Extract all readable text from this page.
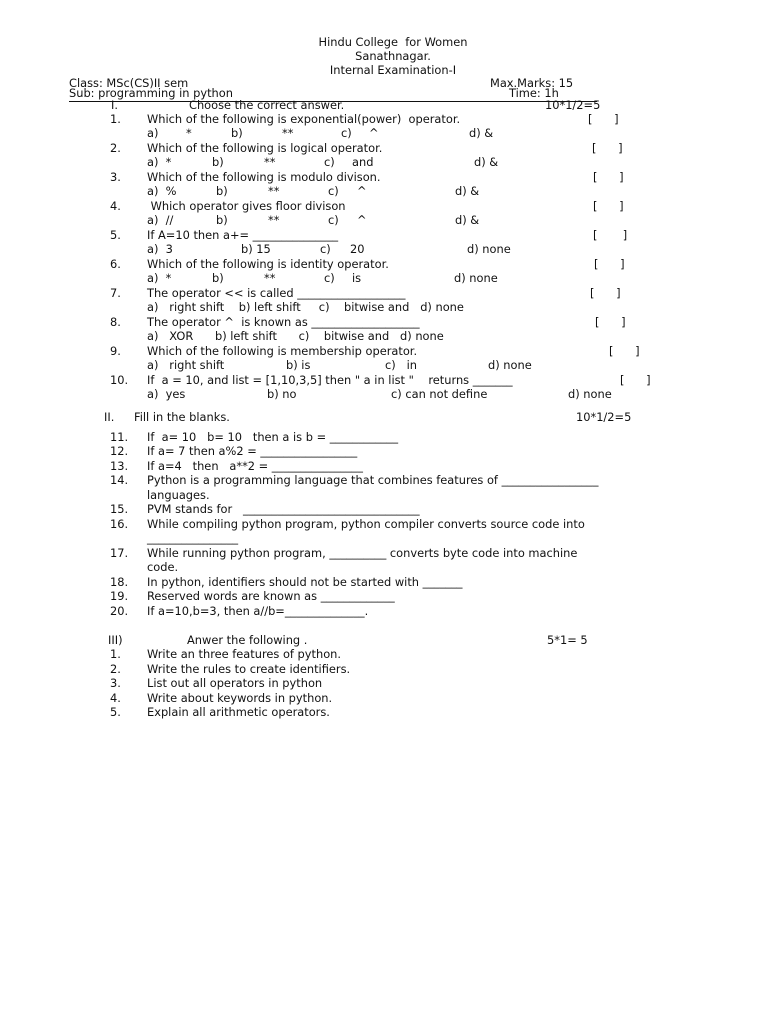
Hindu College  for Women
Sanathnagar.
Internal Examination-I
Class: MSc(CS)II sem	Max.Marks: 15
Sub: programming in python	Time: 1h
I.	Choose the correct answer.	10*1/2=5
1. Which of the following is exponential(power)  operator.	[      ]
a) *	b)	**	c) ^	d) &
2. Which of the following is logical operator.	[      ]
a)  *	b)	**	c) and	d) &
3. Which of the following is modulo divison.	[      ]
a)  %	b)	**	c) ^	d) &
4. Which operator gives floor divison	[      ]
a)  //	b)	**	c) ^	d) &
5. If A=10 then a+= _______________	[       ]
a)  3	b) 15	c) 20	d) none
6. Which of the following is identity operator.	[      ]
a)  *	b)	**	c) is	d) none
7. The operator << is called ___________________	[      ]
a)   right shift    b) left shift     c)    bitwise and   d) none
8. The operator ^  is known as ___________________	[      ]
a)   XOR      b) left shift      c)    bitwise and   d) none
9. Which of the following is membership operator.	[      ]
a)   right shift	b) is	c)   in	d) none
10. If  a = 10, and list = [1,10,3,5] then " a in list "    returns _______	[      ]
a)  yes	b) no	c) can not define	d) none
II. Fill in the blanks.	10*1/2=5
11. If  a= 10   b= 10   then a is b = ____________
12. If a= 7 then a%2 = _________________
13. If a=4   then   a**2 = ________________
14. Python is a programming language that combines features of _________________
languages.
15. PVM stands for   _______________________________
16. While compiling python program, python compiler converts source code into
________________
17. While running python program, __________ converts byte code into machine
code.
18. In python, identifiers should not be started with _______
19. Reserved words are known as _____________
20. If a=10,b=3, then a//b=______________.
III)	Anwer the following .	5*1= 5
1. Write an three features of python.
2. Write the rules to create identifiers.
3. List out all operators in python
4. Write about keywords in python.
5. Explain all arithmetic operators.
